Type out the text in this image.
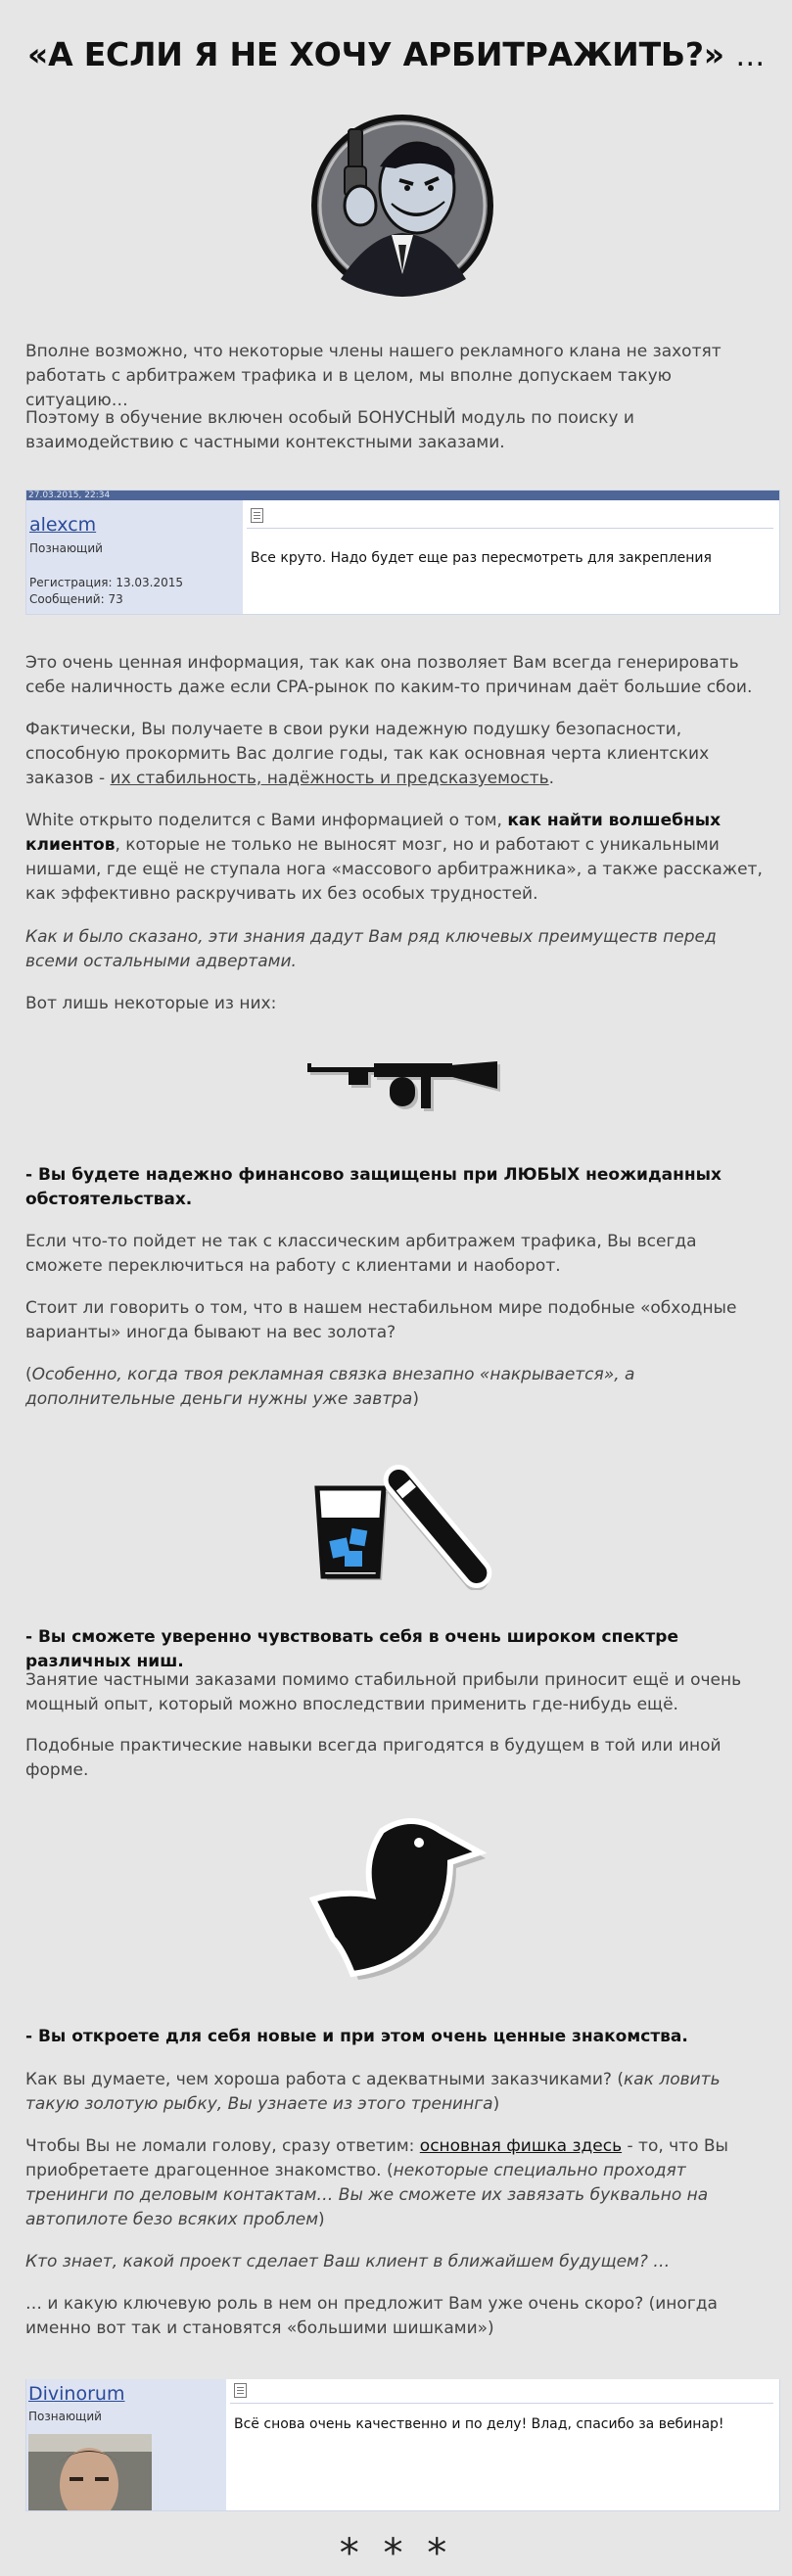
«А ЕСЛИ Я НЕ ХОЧУ АРБИТРАЖИТЬ?» …
Вполне возможно, что некоторые члены нашего рекламного клана не захотят работать с арбитражем трафика и в целом, мы вполне допускаем такую ситуацию…
Поэтому в обучение включен особый БОНУСНЫЙ модуль по поиску и взаимодействию с частными контекстными заказами.
27.03.2015, 22:34
alexcm
Познающий
Регистрация: 13.03.2015
Сообщений: 73
Все круто. Надо будет еще раз пересмотреть для закрепления
Это очень ценная информация, так как она позволяет Вам всегда генерировать себе наличность даже если CPA-рынок по каким-то причинам даёт большие сбои.
Фактически, Вы получаете в свои руки надежную подушку безопасности, способную прокормить Вас долгие годы, так как основная черта клиентских заказов - их стабильность, надёжность и предсказуемость.
White открыто поделится с Вами информацией о том, как найти волшебных клиентов, которые не только не выносят мозг, но и работают с уникальными нишами, где ещё не ступала нога «массового арбитражника», а также расскажет, как эффективно раскручивать их без особых трудностей.
Как и было сказано, эти знания дадут Вам ряд ключевых преимуществ перед всеми остальными адвертами.
Вот лишь некоторые из них:
- Вы будете надежно финансово защищены при ЛЮБЫХ неожиданных обстоятельствах.
Если что-то пойдет не так с классическим арбитражем трафика, Вы всегда сможете переключиться на работу с клиентами и наоборот.
Стоит ли говорить о том, что в нашем нестабильном мире подобные «обходные варианты» иногда бывают на вес золота?
(Особенно, когда твоя рекламная связка внезапно «накрывается», а дополнительные деньги нужны уже завтра)
- Вы сможете уверенно чувствовать себя в очень широком спектре различных ниш.
Занятие частными заказами помимо стабильной прибыли приносит ещё и очень мощный опыт, который можно впоследствии применить где-нибудь ещё.
Подобные практические навыки всегда пригодятся в будущем в той или иной форме.
- Вы откроете для себя новые и при этом очень ценные знакомства.
Как вы думаете, чем хороша работа с адекватными заказчиками? (как ловить такую золотую рыбку, Вы узнаете из этого тренинга)
Чтобы Вы не ломали голову, сразу ответим: основная фишка здесь - то, что Вы приобретаете драгоценное знакомство. (некоторые специально проходят тренинги по деловым контактам… Вы же сможете их завязать буквально на автопилоте безо всяких проблем)
Кто знает, какой проект сделает Ваш клиент в ближайшем будущем? …
… и какую ключевую роль в нем он предложит Вам уже очень скоро? (иногда именно вот так и становятся «большими шишками»)
Divinorum
Познающий	Всё снова очень качественно и по делу! Влад, спасибо за вебинар!
* * *
